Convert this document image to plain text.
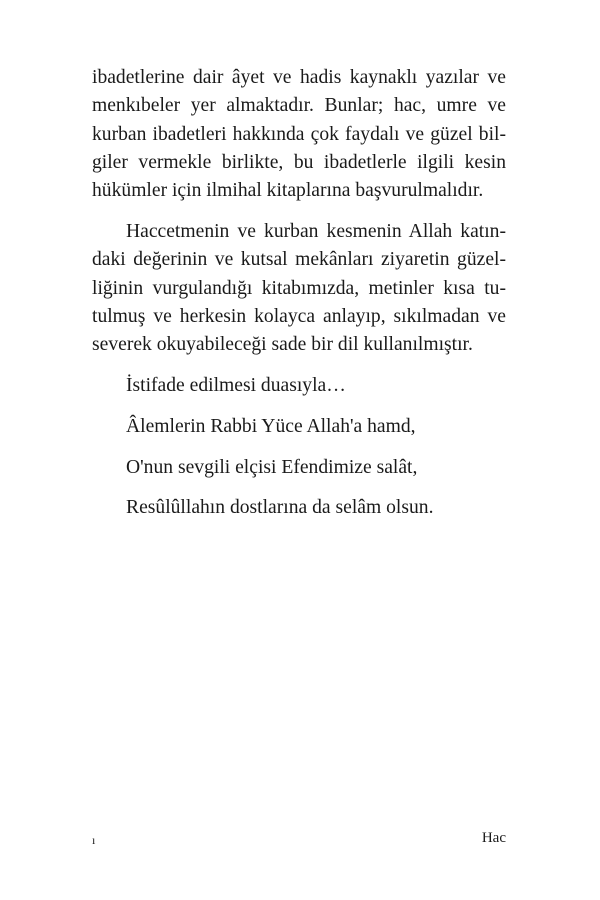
ibadetlerine dair âyet ve hadis kaynaklı yazılar ve
menkıbeler yer almaktadır. Bunlar; hac, umre ve
kurban ibadetleri hakkında çok faydalı ve güzel bil-
giler vermekle birlikte, bu ibadetlerle ilgili kesin
hükümler için ilmihal kitaplarına başvurulmalıdır.
Haccetmenin ve kurban kesmenin Allah katın-
daki değerinin ve kutsal mekânları ziyaretin güzel-
liğinin vurgulandığı kitabımızda, metinler kısa tu-
tulmuş ve herkesin kolayca anlayıp, sıkılmadan ve
severek okuyabileceği sade bir dil kullanılmıştır.
İstifade edilmesi duasıyla…
Âlemlerin Rabbi Yüce Allah'a hamd,
O'nun sevgili elçisi Efendimize salât,
Resûlûllahın dostlarına da selâm olsun.
ı	Hac
